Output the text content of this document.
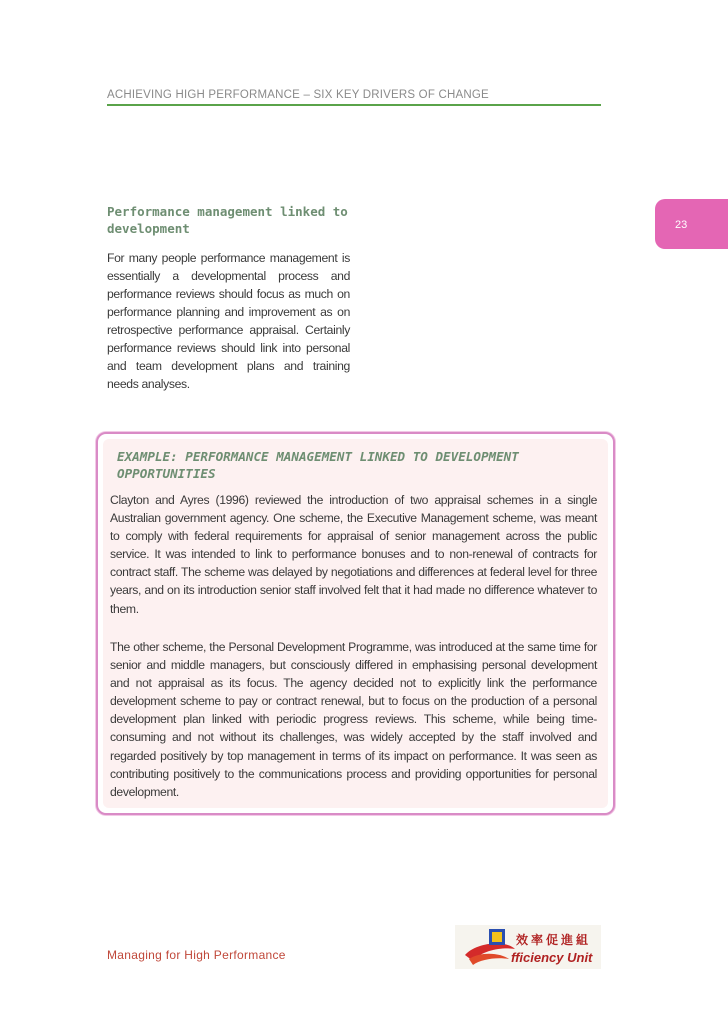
ACHIEVING HIGH PERFORMANCE – SIX KEY DRIVERS OF CHANGE
23
Performance management linked to development

For many people performance management is essentially a developmental process and performance reviews should focus as much on performance planning and improvement as on retrospective performance appraisal. Certainly performance reviews should link into personal and team development plans and training needs analyses.

EXAMPLE: PERFORMANCE MANAGEMENT LINKED TO DEVELOPMENT OPPORTUNITIES

Clayton and Ayres (1996) reviewed the introduction of two appraisal schemes in a single Australian government agency. One scheme, the Executive Management scheme, was meant to comply with federal requirements for appraisal of senior management across the public service. It was intended to link to performance bonuses and to non-renewal of contracts for contract staff. The scheme was delayed by negotiations and differences at federal level for three years, and on its introduction senior staff involved felt that it had made no difference whatever to them.

The other scheme, the Personal Development Programme, was introduced at the same time for senior and middle managers, but consciously differed in emphasising personal development and not appraisal as its focus. The agency decided not to explicitly link the performance development scheme to pay or contract renewal, but to focus on the production of a personal development plan linked with periodic progress reviews. This scheme, while being time-consuming and not without its challenges, was widely accepted by the staff involved and regarded positively by top management in terms of its impact on performance. It was seen as contributing positively to the communications process and providing opportunities for personal development.

Managing for High Performance
效率促進組
fficiency Unit
